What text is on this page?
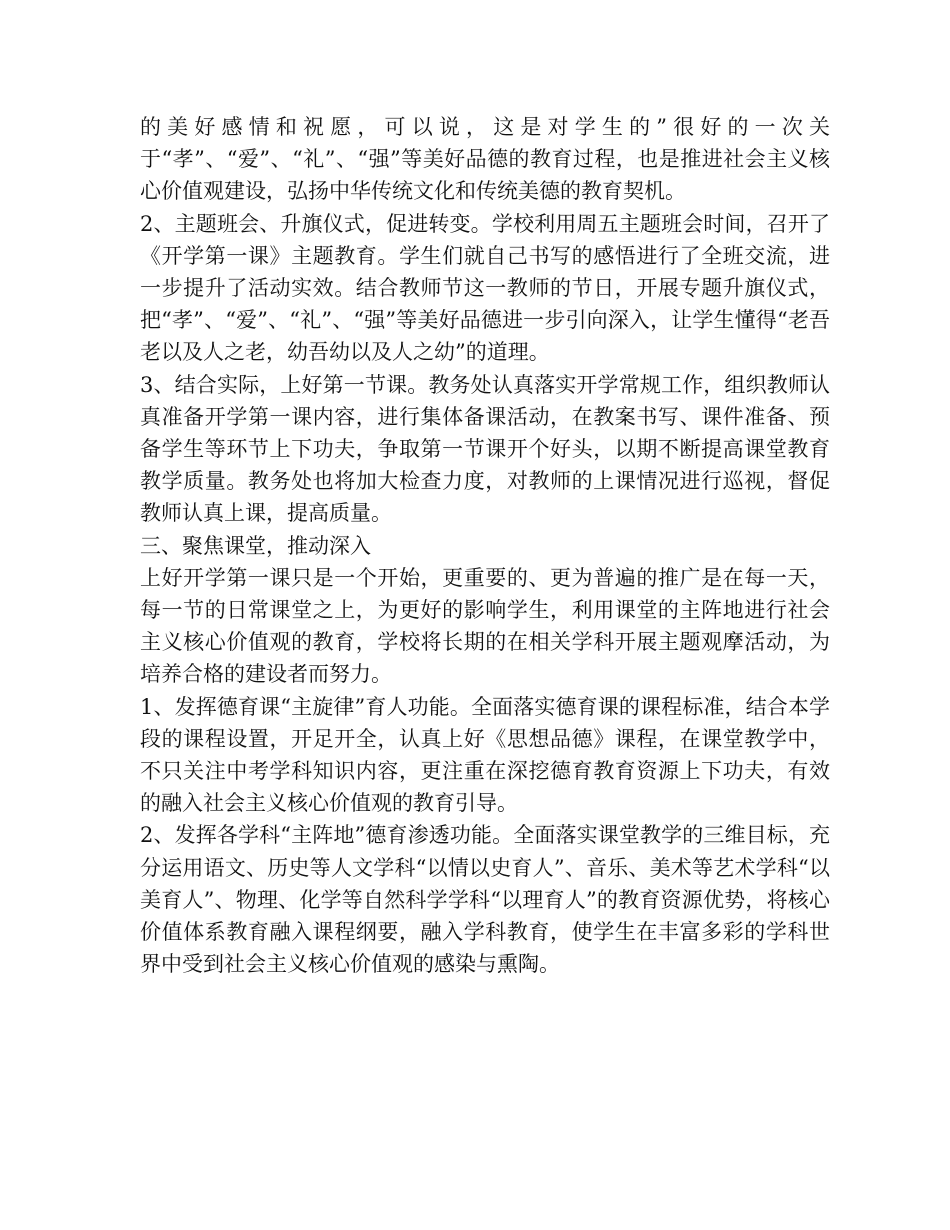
的美好感情和祝愿，可以说，这是对学生的”很好的一次关于“孝”、“爱”、“礼”、“强”等美好品德的教育过程，也是推进社会主义核心价值观建设，弘扬中华传统文化和传统美德的教育契机。

2、主题班会、升旗仪式，促进转变。学校利用周五主题班会时间，召开了《开学第一课》主题教育。学生们就自己书写的感悟进行了全班交流，进一步提升了活动实效。结合教师节这一教师的节日，开展专题升旗仪式，把“孝”、“爱”、“礼”、“强”等美好品德进一步引向深入，让学生懂得“老吾老以及人之老，幼吾幼以及人之幼”的道理。

3、结合实际，上好第一节课。教务处认真落实开学常规工作，组织教师认真准备开学第一课内容，进行集体备课活动，在教案书写、课件准备、预备学生等环节上下功夫，争取第一节课开个好头，以期不断提高课堂教育教学质量。教务处也将加大检查力度，对教师的上课情况进行巡视，督促教师认真上课，提高质量。

三、聚焦课堂，推动深入

上好开学第一课只是一个开始，更重要的、更为普遍的推广是在每一天，每一节的日常课堂之上，为更好的影响学生，利用课堂的主阵地进行社会主义核心价值观的教育，学校将长期的在相关学科开展主题观摩活动，为培养合格的建设者而努力。

1、发挥德育课“主旋律”育人功能。全面落实德育课的课程标准，结合本学段的课程设置，开足开全，认真上好《思想品德》课程，在课堂教学中，不只关注中考学科知识内容，更注重在深挖德育教育资源上下功夫，有效的融入社会主义核心价值观的教育引导。

2、发挥各学科“主阵地”德育渗透功能。全面落实课堂教学的三维目标，充分运用语文、历史等人文学科“以情以史育人”、音乐、美术等艺术学科“以美育人”、物理、化学等自然科学学科“以理育人”的教育资源优势，将核心价值体系教育融入课程纲要，融入学科教育，使学生在丰富多彩的学科世界中受到社会主义核心价值观的感染与熏陶。
